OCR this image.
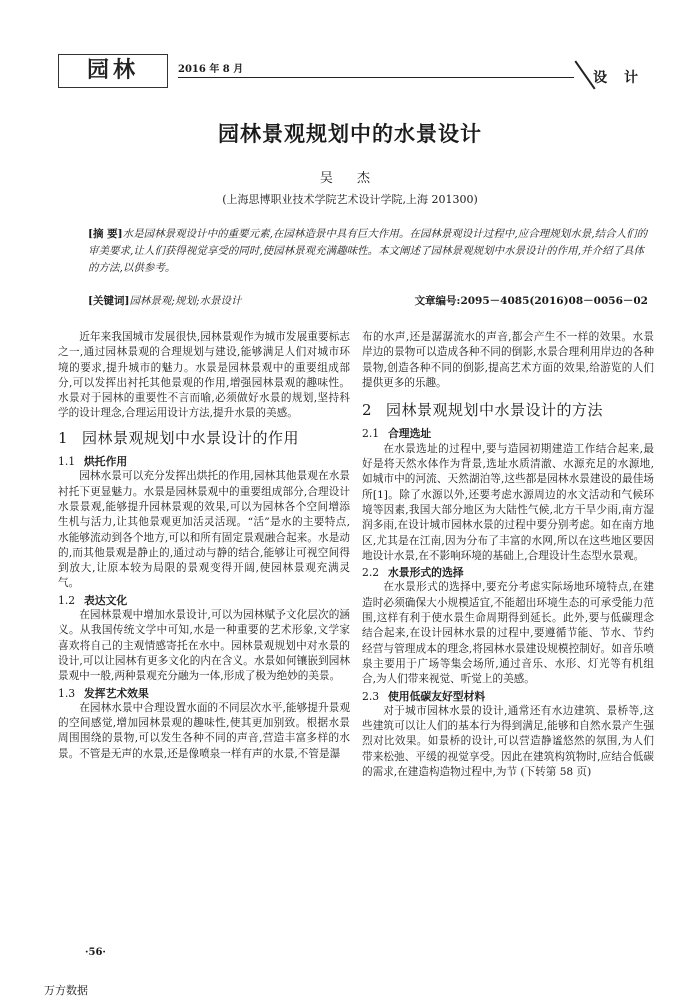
园林	2016 年 8 月
设 计
园林景观规划中的水景设计
吴 杰
(上海思博职业技术学院艺术设计学院,上海 201300)
[摘 要]水是园林景观设计中的重要元素,在园林造景中具有巨大作用。在园林景观设计过程中,应合理规划水景,结合人们的审美要求,让人们获得视觉享受的同时,使园林景观充满趣味性。本文阐述了园林景观规划中水景设计的作用,并介绍了具体的方法,以供参考。
[关键词]园林景观;规划;水景设计	文章编号:2095－4085(2016)08－0056－02

近年来我国城市发展很快,园林景观作为城市发展重要标志之一,通过园林景观的合理规划与建设,能够满足人们对城市环境的要求,提升城市的魅力。水景是园林景观中的重要组成部分,可以发挥出衬托其他景观的作用,增强园林景观的趣味性。水景对于园林的重要性不言而喻,必须做好水景的规划,坚持科学的设计理念,合理运用设计方法,提升水景的美感。

1 园林景观规划中水景设计的作用
1.1 烘托作用

园林水景可以充分发挥出烘托的作用,园林其他景观在水景衬托下更显魅力。水景是园林景观中的重要组成部分,合理设计水景景观,能够提升园林景观的效果,可以为园林各个空间增添生机与活力,让其他景观更加活灵活现。“活”是水的主要特点,水能够流动到各个地方,可以和所有固定景观融合起来。水是动的,而其他景观是静止的,通过动与静的结合,能够让可视空间得到放大,让原本较为局限的景观变得开阔,使园林景观充满灵气。

1.2 表达文化

在园林景观中增加水景设计,可以为园林赋予文化层次的涵义。从我国传统文学中可知,水是一种重要的艺术形象,文学家喜欢将自己的主观情感寄托在水中。园林景观规划中对水景的设计,可以让园林有更多文化的内在含义。水景如何镶嵌到园林景观中一般,两种景观充分融为一体,形成了极为绝妙的美景。

1.3 发挥艺术效果

在园林水景中合理设置水面的不同层次水平,能够提升景观的空间感觉,增加园林景观的趣味性,使其更加别致。根据水景周围围绕的景物,可以发生各种不同的声音,营造丰富多样的水景。不管是无声的水景,还是像喷泉一样有声的水景,不管是瀑

布的水声,还是潺潺流水的声音,都会产生不一样的效果。水景岸边的景物可以造成各种不同的倒影,水景合理利用岸边的各种景物,创造各种不同的倒影,提高艺术方面的效果,给游览的人们提供更多的乐趣。

2 园林景观规划中水景设计的方法
2.1 合理选址

在水景选址的过程中,要与造园初期建造工作结合起来,最好是将天然水体作为背景,选址水质清澈、水源充足的水源地,如城市中的河流、天然湖泊等,这些都是园林水景建设的最佳场所[1]。除了水源以外,还要考虑水源周边的水文活动和气候环境等因素,我国大部分地区为大陆性气候,北方干旱少雨,南方湿润多雨,在设计城市园林水景的过程中要分别考虑。如在南方地区,尤其是在江南,因为分布了丰富的水网,所以在这些地区要因地设计水景,在不影响环境的基础上,合理设计生态型水景观。

2.2 水景形式的选择

在水景形式的选择中,要充分考虑实际场地环境特点,在建造时必须确保大小规模适宜,不能超出环境生态的可承受能力范围,这样有利于使水景生命周期得到延长。此外,要与低碳理念结合起来,在设计园林水景的过程中,要遵循节能、节水、节约经营与管理成本的理念,将园林水景建设规模控制好。如音乐喷泉主要用于广场等集会场所,通过音乐、水形、灯光等有机组合,为人们带来视觉、听觉上的美感。

2.3 使用低碳友好型材料

对于城市园林水景的设计,通常还有水边建筑、景桥等,这些建筑可以让人们的基本行为得到满足,能够和自然水景产生强烈对比效果。如景桥的设计,可以营造静谧悠然的氛围,为人们带来松弛、平缓的视觉享受。因此在建筑构筑物时,应结合低碳的需求,在建造构造物过程中,为节 (下转第 58 页)

·56·
万方数据
